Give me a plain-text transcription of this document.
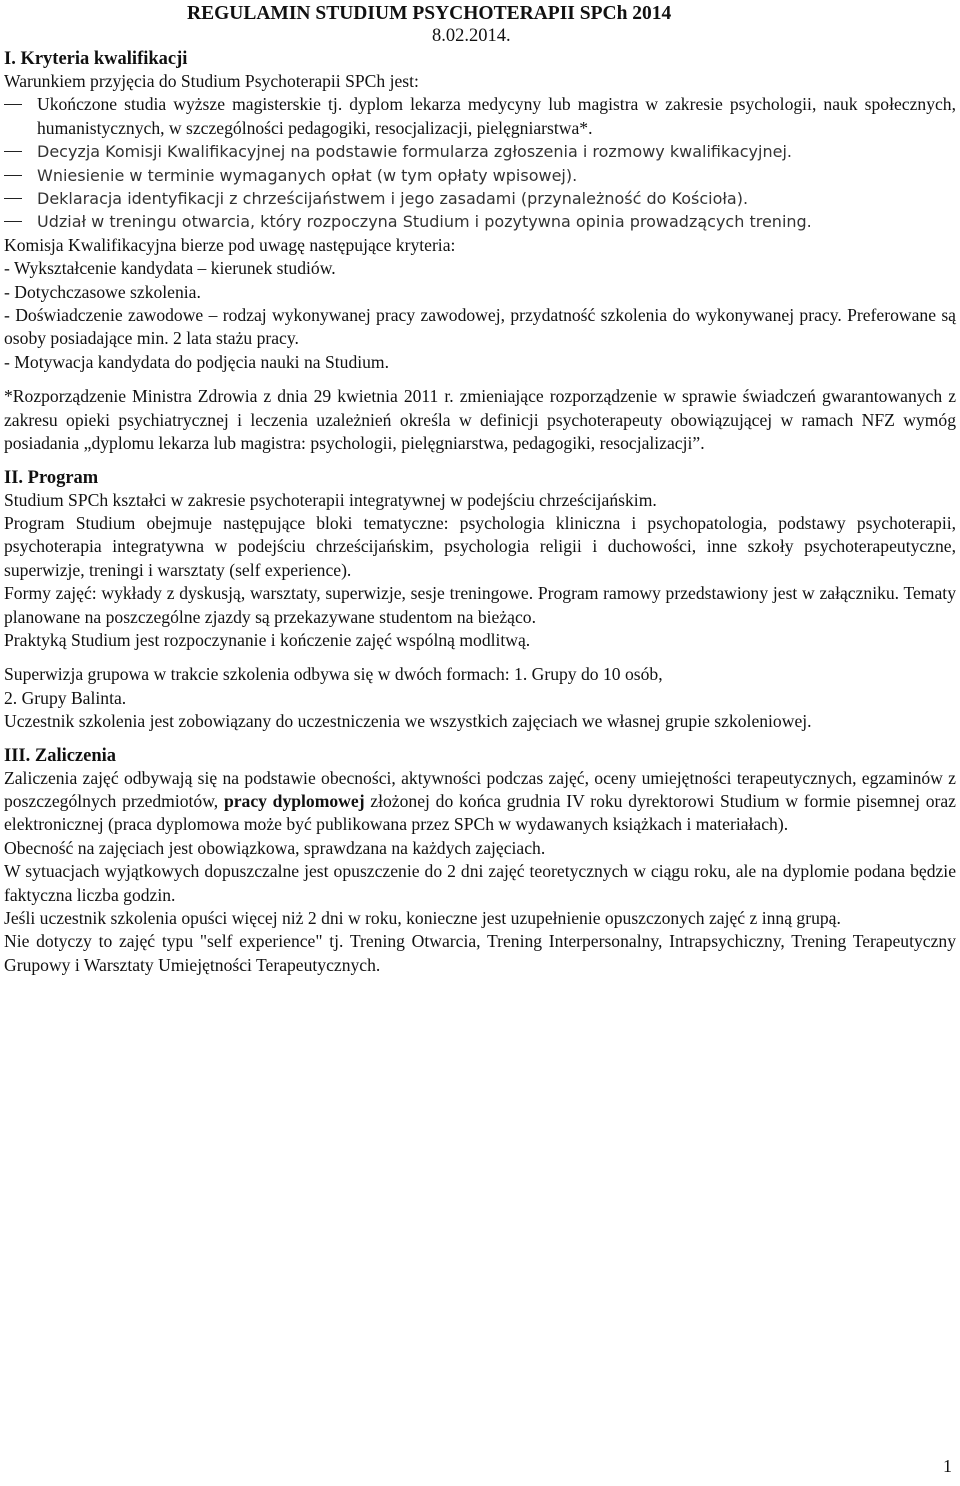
REGULAMIN STUDIUM PSYCHOTERAPII SPCh 2014
8.02.2014.
I. Kryteria kwalifikacji

Warunkiem przyjęcia do Studium Psychoterapii SPCh jest:

Ukończone studia wyższe magisterskie tj. dyplom lekarza medycyny lub magistra w zakresie psychologii, nauk społecznych, humanistycznych, w szczególności pedagogiki, resocjalizacji, pielęgniarstwa*.
Decyzja Komisji Kwalifikacyjnej na podstawie formularza zgłoszenia i rozmowy kwalifikacyjnej.
Wniesienie w terminie wymaganych opłat (w tym opłaty wpisowej).
Deklaracja identyfikacji z chrześcijaństwem i jego zasadami (przynależność do Kościoła).
Udział w treningu otwarcia, który rozpoczyna Studium i pozytywna opinia prowadzących trening.

Komisja Kwalifikacyjna bierze pod uwagę następujące kryteria:

- Wykształcenie kandydata – kierunek studiów.

- Dotychczasowe szkolenia.

- Doświadczenie zawodowe – rodzaj wykonywanej pracy zawodowej, przydatność szkolenia do wykonywanej pracy. Preferowane są osoby posiadające min. 2 lata stażu pracy.

- Motywacja kandydata do podjęcia nauki na Studium.

*Rozporządzenie Ministra Zdrowia z dnia 29 kwietnia 2011 r. zmieniające rozporządzenie w sprawie świadczeń gwarantowanych z zakresu opieki psychiatrycznej i leczenia uzależnień określa w definicji psychoterapeuty obowiązującej w ramach NFZ wymóg posiadania „dyplomu lekarza lub magistra: psychologii, pielęgniarstwa, pedagogiki, resocjalizacji”.

II. Program

Studium SPCh kształci w zakresie psychoterapii integratywnej w podejściu chrześcijańskim.

Program Studium obejmuje następujące bloki tematyczne: psychologia kliniczna i psychopatologia, podstawy psychoterapii, psychoterapia integratywna w podejściu chrześcijańskim, psychologia religii i duchowości, inne szkoły psychoterapeutyczne, superwizje, treningi i warsztaty (self experience).

Formy zajęć: wykłady z dyskusją, warsztaty, superwizje, sesje treningowe. Program ramowy przedstawiony jest w załączniku. Tematy planowane na poszczególne zjazdy są przekazywane studentom na bieżąco.

Praktyką Studium jest rozpoczynanie i kończenie zajęć wspólną modlitwą.

Superwizja grupowa w trakcie szkolenia odbywa się w dwóch formach: 1. Grupy do 10 osób,

2. Grupy Balinta.

Uczestnik szkolenia jest zobowiązany do uczestniczenia we wszystkich zajęciach we własnej grupie szkoleniowej.

III. Zaliczenia

Zaliczenia zajęć odbywają się na podstawie obecności, aktywności podczas zajęć, oceny umiejętności terapeutycznych, egzaminów z poszczególnych przedmiotów, pracy dyplomowej złożonej do końca grudnia IV roku dyrektorowi Studium w formie pisemnej oraz elektronicznej (praca dyplomowa może być publikowana przez SPCh w wydawanych książkach i materiałach).

Obecność na zajęciach jest obowiązkowa, sprawdzana na każdych zajęciach.

W sytuacjach wyjątkowych dopuszczalne jest opuszczenie do 2 dni zajęć teoretycznych w ciągu roku, ale na dyplomie podana będzie faktyczna liczba godzin.

Jeśli uczestnik szkolenia opuści więcej niż 2 dni w roku, konieczne jest uzupełnienie opuszczonych zajęć z inną grupą.

Nie dotyczy to zajęć typu "self experience" tj. Trening Otwarcia, Trening Interpersonalny, Intrapsychiczny, Trening Terapeutyczny Grupowy i Warsztaty Umiejętności Terapeutycznych.

1
